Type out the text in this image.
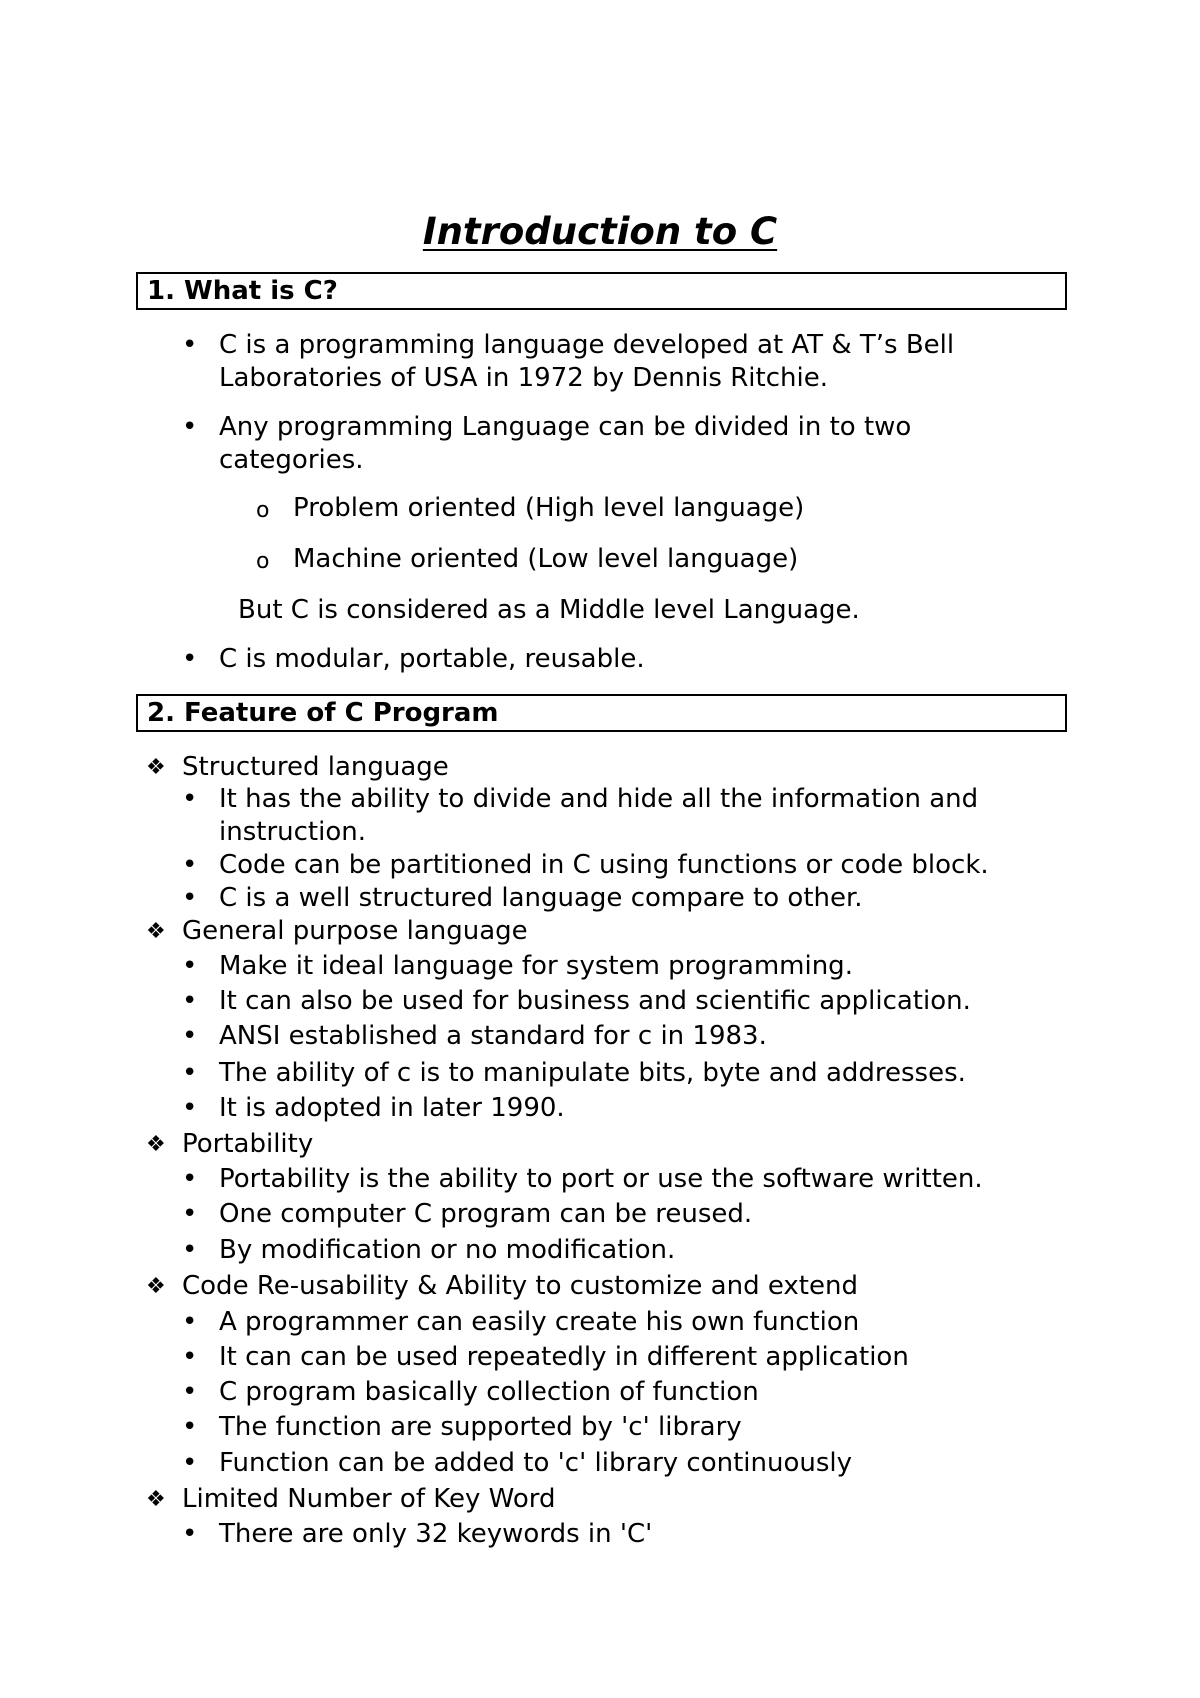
Introduction to C
1. What is C?
• C is a programming language developed at AT & T’s Bell
Laboratories of USA in 1972 by Dennis Ritchie.
• Any programming Language can be divided in to two
categories.
o Problem oriented (High level language)
o Machine oriented (Low level language)
But C is considered as a Middle level Language.
• C is modular, portable, reusable.
2. Feature of C Program
❖ Structured language
• It has the ability to divide and hide all the information and
instruction.
• Code can be partitioned in C using functions or code block.
• C is a well structured language compare to other.
❖ General purpose language
• Make it ideal language for system programming.
• It can also be used for business and scientific application.
• ANSI established a standard for c in 1983.
• The ability of c is to manipulate bits, byte and addresses.
• It is adopted in later 1990.
❖ Portability
• Portability is the ability to port or use the software written.
• One computer C program can be reused.
• By modification or no modification.
❖ Code Re-usability & Ability to customize and extend
• A programmer can easily create his own function
• It can can be used repeatedly in different application
• C program basically collection of function
• The function are supported by 'c' library
• Function can be added to 'c' library continuously
❖ Limited Number of Key Word
• There are only 32 keywords in 'C'
